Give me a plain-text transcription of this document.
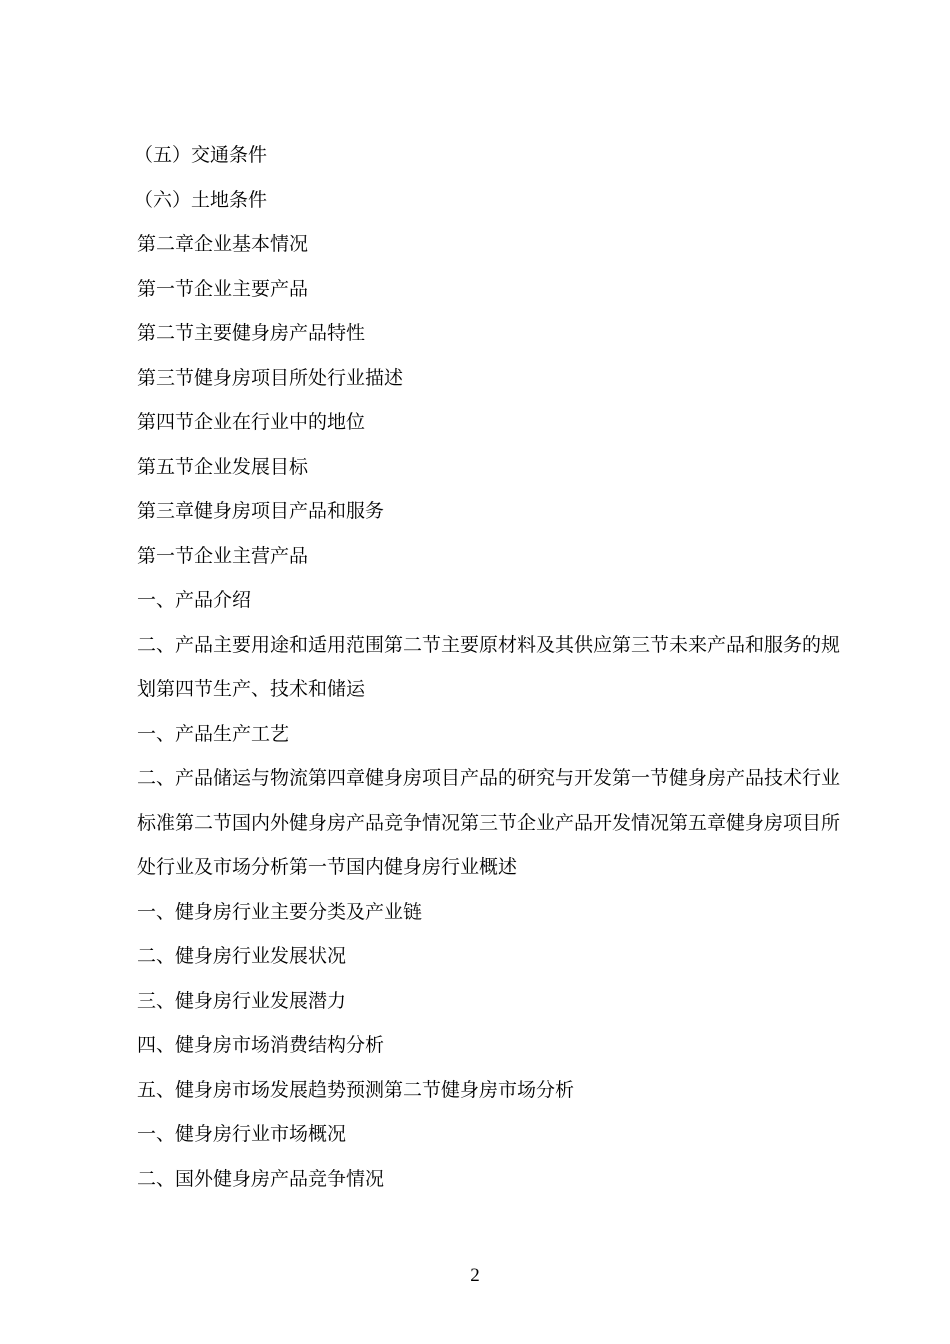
（五）交通条件

（六）土地条件

第二章企业基本情况

第一节企业主要产品

第二节主要健身房产品特性

第三节健身房项目所处行业描述

第四节企业在行业中的地位

第五节企业发展目标

第三章健身房项目产品和服务

第一节企业主营产品

一、产品介绍

二、产品主要用途和适用范围第二节主要原材料及其供应第三节未来产品和服务的规划第四节生产、技术和储运

一、产品生产工艺

二、产品储运与物流第四章健身房项目产品的研究与开发第一节健身房产品技术行业标准第二节国内外健身房产品竞争情况第三节企业产品开发情况第五章健身房项目所处行业及市场分析第一节国内健身房行业概述

一、健身房行业主要分类及产业链

二、健身房行业发展状况

三、健身房行业发展潜力

四、健身房市场消费结构分析

五、健身房市场发展趋势预测第二节健身房市场分析

一、健身房行业市场概况

二、国外健身房产品竞争情况

2
